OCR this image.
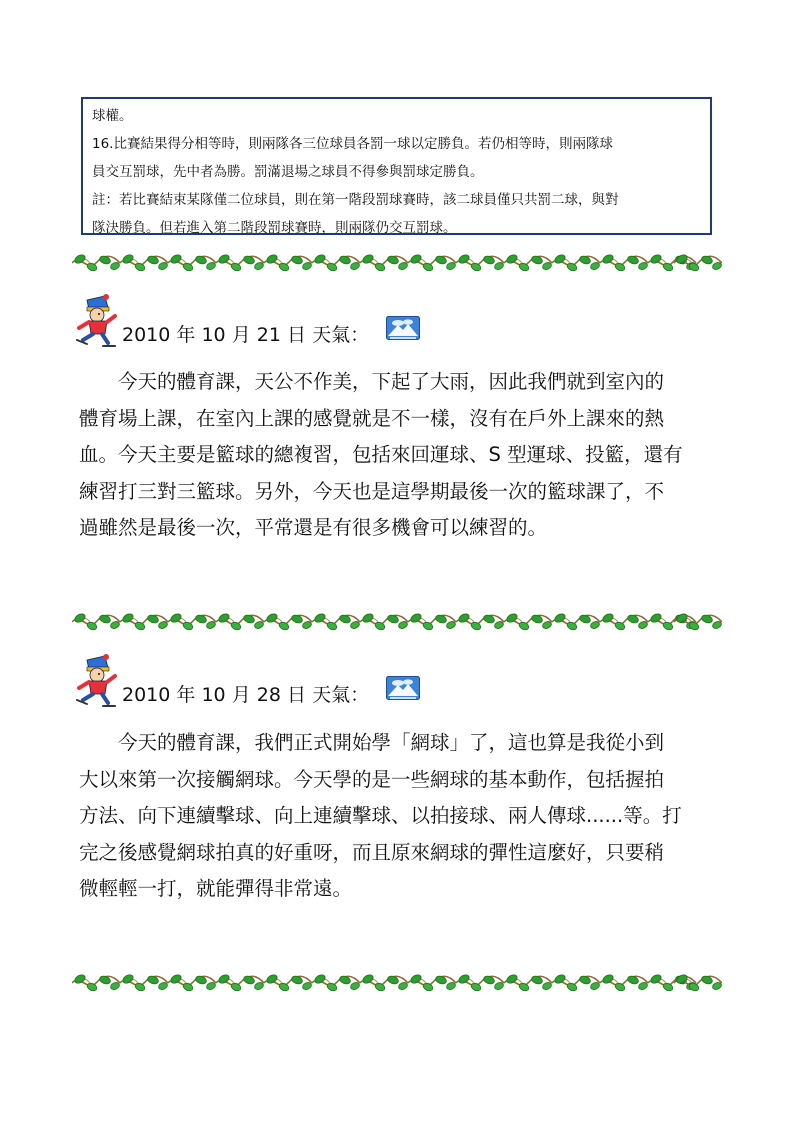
球權。

16.比賽結果得分相等時，則兩隊各三位球員各罰一球以定勝負。若仍相等時，則兩隊球

員交互罰球，先中者為勝。罰滿退場之球員不得參與罰球定勝負。

註：若比賽結束某隊僅二位球員，則在第一階段罰球賽時，該二球員僅只共罰二球，與對

隊決勝負。但若進入第二階段罰球賽時，則兩隊仍交互罰球。

2010 年 10 月 21 日 天氣：
今天的體育課，天公不作美，下起了大雨，因此我們就到室內的
體育場上課，在室內上課的感覺就是不一樣，沒有在戶外上課來的熱
血。今天主要是籃球的總複習，包括來回運球、S 型運球、投籃，還有
練習打三對三籃球。另外，今天也是這學期最後一次的籃球課了，不
過雖然是最後一次，平常還是有很多機會可以練習的。
2010 年 10 月 28 日 天氣：
今天的體育課，我們正式開始學「網球」了，這也算是我從小到
大以來第一次接觸網球。今天學的是一些網球的基本動作，包括握拍
方法、向下連續擊球、向上連續擊球、以拍接球、兩人傳球......等。打
完之後感覺網球拍真的好重呀，而且原來網球的彈性這麼好，只要稍
微輕輕一打，就能彈得非常遠。
